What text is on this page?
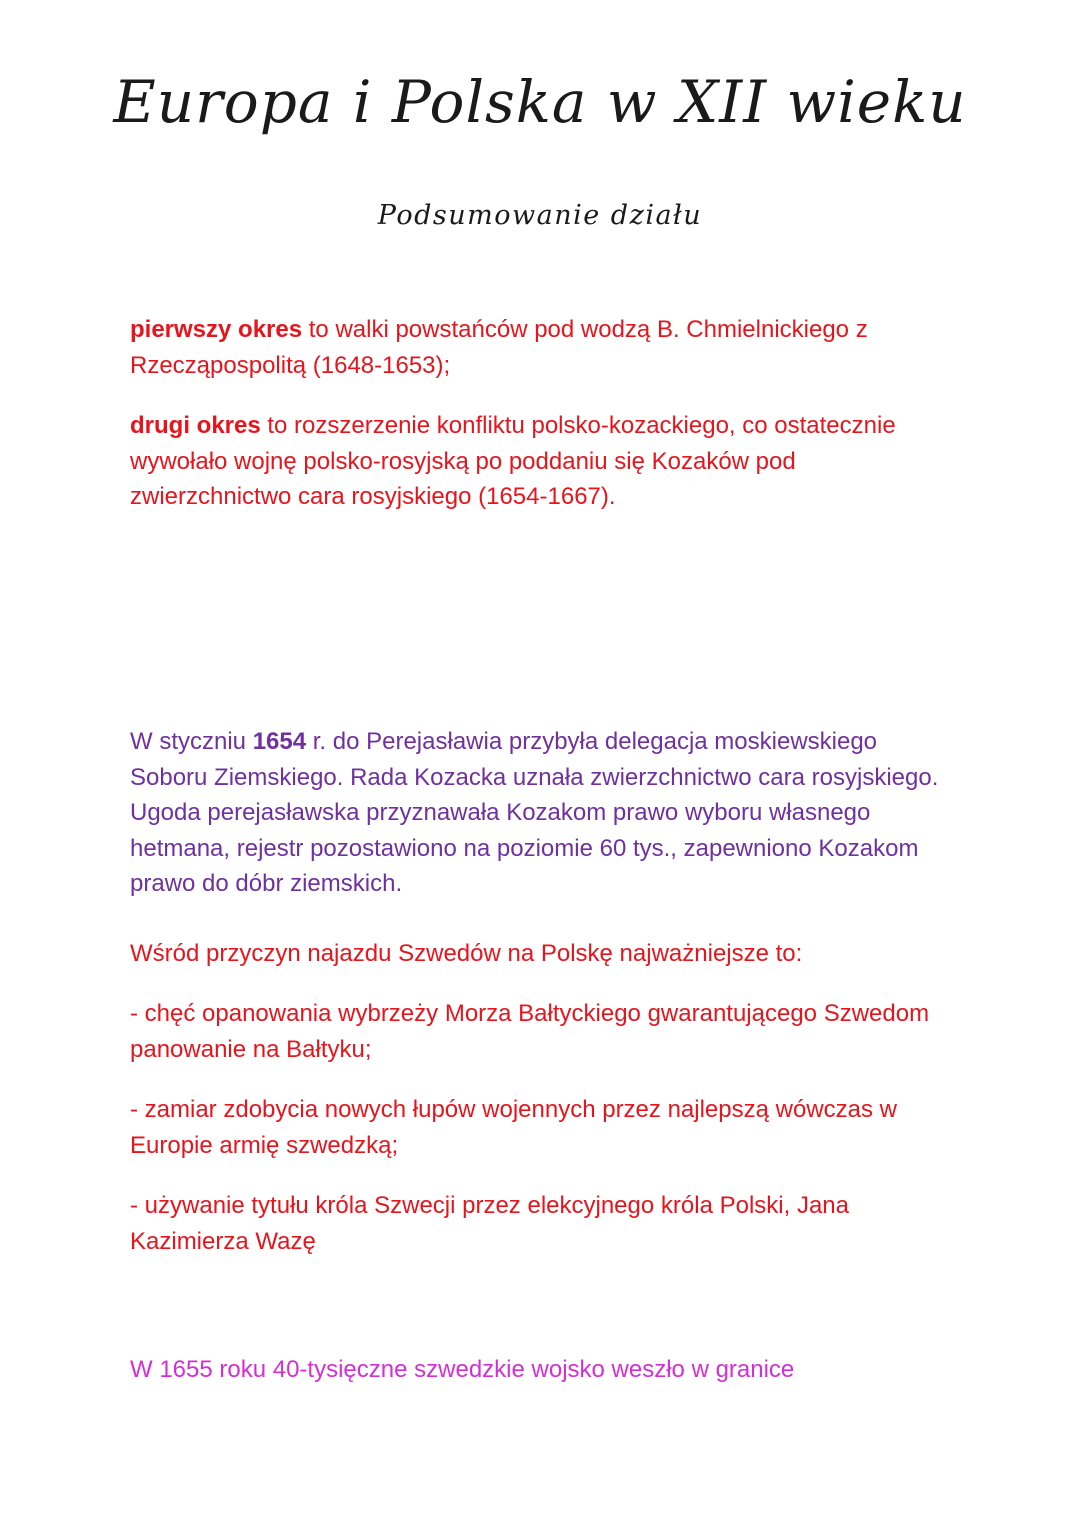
Europa i Polska w XII wieku
Podsumowanie działu

pierwszy okres to walki powstańców pod wodzą B. Chmielnickiego z Rzecząpospolitą (1648-1653);

drugi okres to rozszerzenie konfliktu polsko-kozackiego, co ostatecznie wywołało wojnę polsko-rosyjską po poddaniu się Kozaków pod zwierzchnictwo cara rosyjskiego (1654-1667).

W styczniu 1654 r. do Perejasławia przybyła delegacja moskiewskiego Soboru Ziemskiego. Rada Kozacka uznała zwierzchnictwo cara rosyjskiego. Ugoda perejasławska przyznawała Kozakom prawo wyboru własnego hetmana, rejestr pozostawiono na poziomie 60 tys., zapewniono Kozakom prawo do dóbr ziemskich.

Wśród przyczyn najazdu Szwedów na Polskę najważniejsze to:

- chęć opanowania wybrzeży Morza Bałtyckiego gwarantującego Szwedom panowanie na Bałtyku;

- zamiar zdobycia nowych łupów wojennych przez najlepszą wówczas w Europie armię szwedzką;

- używanie tytułu króla Szwecji przez elekcyjnego króla Polski, Jana Kazimierza Wazę

W 1655 roku 40-tysięczne szwedzkie wojsko weszło w granice
